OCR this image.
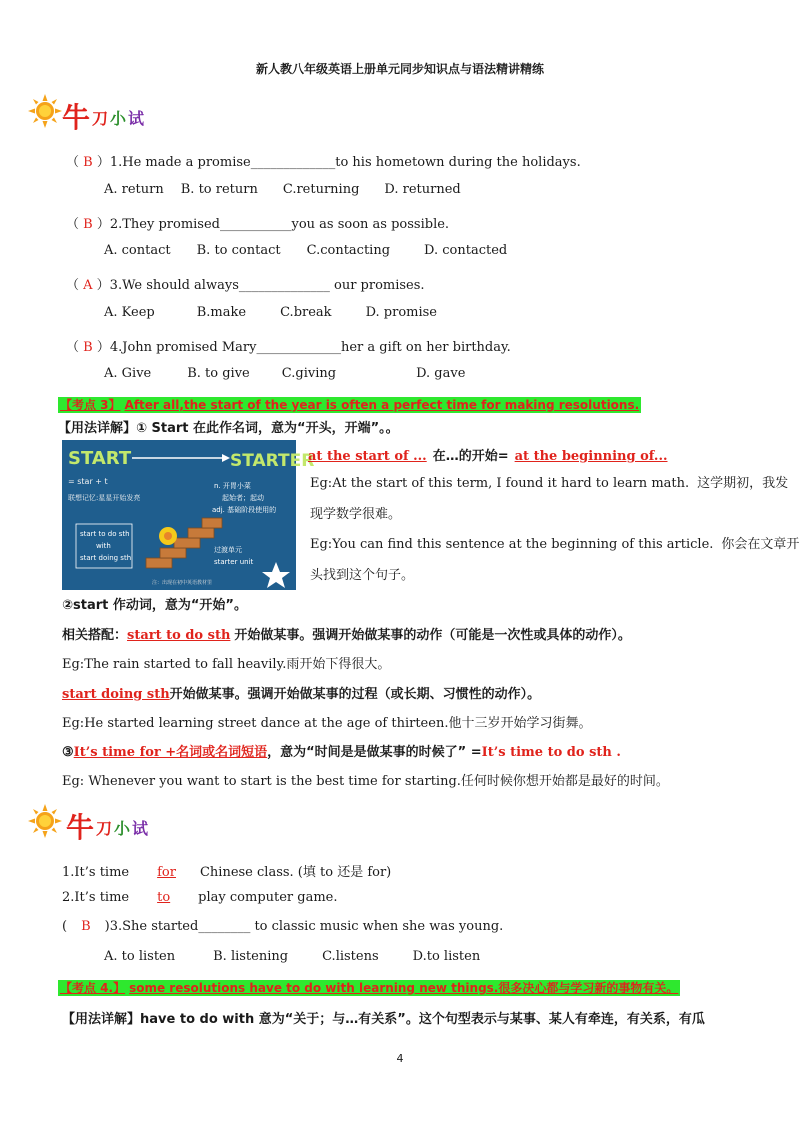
新人教八年级英语上册单元同步知识点与语法精讲精练
牛 刀 小 试
（ B ）1.He made a promise_____________to his hometown during the holidays.
A. return B. to return C.returning D. returned
（ B ）2.They promised___________you as soon as possible.
A. contact B. to contact C.contacting	D. contacted
（ A ）3.We should always______________ our promises.
A. Keep	B.make	C.break	D. promise
（ B ）4.John promised Mary_____________her a gift on her birthday.
A. Give	B. to give C.giving	D. gave
【考点 3】 After all,the start of the year is often a perfect time for making resolutions.
【用法详解】① Start 在此作名词，意为“开头，开端”。。
START	STARTER
= star + t
联想记忆:星星开始发亮
n. 开胃小菜
起始者；起动
adj. 基础阶段使用的
start to do sth
with
start doing sth
过渡单元
starter unit
注：出现在初中英语教材里
at the start of ... 在…的开始= at the beginning of...
Eg:At the start of this term, I found it hard to learn math. 这学期初，我发
现学数学很难。
Eg:You can find this sentence at the beginning of this article. 你会在文章开
头找到这个句子。
②start 作动词，意为“开始”。
相关搭配：start to do sth 开始做某事。强调开始做某事的动作（可能是一次性或具体的动作）。
Eg:The rain started to fall heavily.雨开始下得很大。
start doing sth开始做某事。强调开始做某事的过程（或长期、习惯性的动作）。
Eg:He started learning street dance at the age of thirteen.他十三岁开始学习街舞。
③It’s time for +名词或名词短语，意为“时间是是做某事的时候了” =It’s time to do sth .
Eg: Whenever you want to start is the best time for starting.任何时候你想开始都是最好的时间。
牛 刀 小 试
1.It’s time for Chinese class. (填 to 还是 for)
2.It’s time to play computer game.
( B )3.She started________ to classic music when she was young.
A. to listen	B. listening	C.listens	D.to listen
【考点 4.】 some resolutions have to do with learning new things.很多决心都与学习新的事物有关。
【用法详解】have to do with 意为“关于；与…有关系”。这个句型表示与某事、某人有牵连，有关系，有瓜
4
